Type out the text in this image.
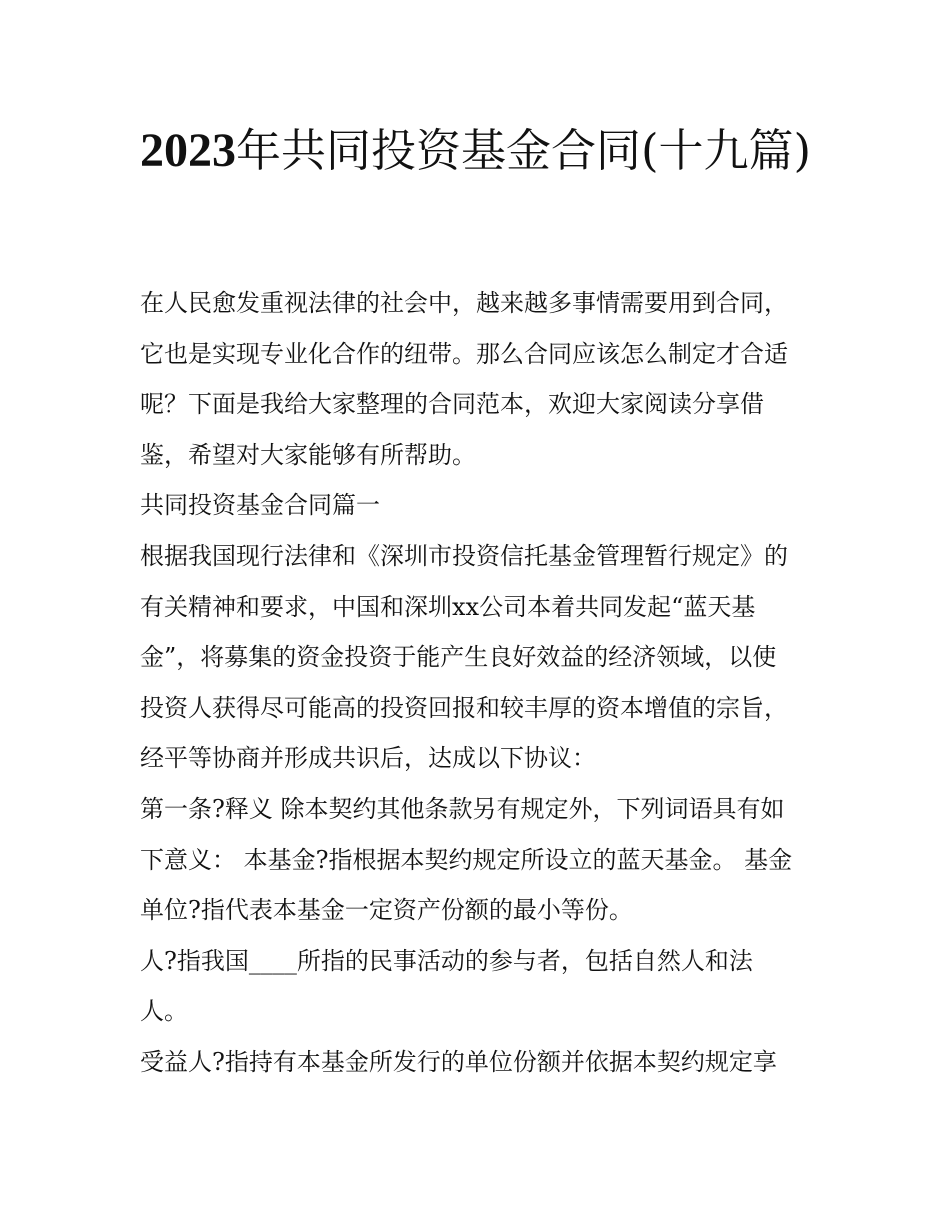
2023年共同投资基金合同(十九篇)

在人民愈发重视法律的社会中，越来越多事情需要用到合同，
它也是实现专业化合作的纽带。那么合同应该怎么制定才合适
呢？下面是我给大家整理的合同范本，欢迎大家阅读分享借
鉴，希望对大家能够有所帮助。

共同投资基金合同篇一

根据我国现行法律和《深圳市投资信托基金管理暂行规定》的
有关精神和要求，中国和深圳xx公司本着共同发起“蓝天基
金”，将募集的资金投资于能产生良好效益的经济领域，以使
投资人获得尽可能高的投资回报和较丰厚的资本增值的宗旨，
经平等协商并形成共识后，达成以下协议：

第一条?释义 除本契约其他条款另有规定外，下列词语具有如
下意义： 本基金?指根据本契约规定所设立的蓝天基金。 基金
单位?指代表本基金一定资产份额的最小等份。

人?指我国____所指的民事活动的参与者，包括自然人和法
人。

受益人?指持有本基金所发行的单位份额并依据本契约规定享
